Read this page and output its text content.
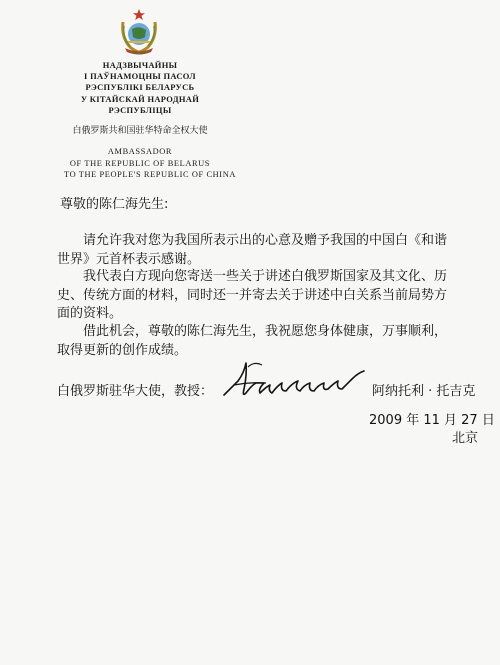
НАДЗВЫЧАЙНЫ
І ПАЎНАМОЦНЫ ПАСОЛ
РЭСПУБЛІКІ БЕЛАРУСЬ
У КІТАЙСКАЙ НАРОДНАЙ
РЭСПУБЛІЦЫ
白俄罗斯共和国驻华特命全权大使
AMBASSADOR
OF THE REPUBLIC OF BELARUS
TO THE PEOPLE'S REPUBLIC OF CHINA
尊敬的陈仁海先生:
请允许我对您为我国所表示出的心意及赠予我国的中国白《和谐世界》元首杯表示感谢。
我代表白方现向您寄送一些关于讲述白俄罗斯国家及其文化、历史、传统方面的材料，同时还一并寄去关于讲述中白关系当前局势方面的资料。
借此机会，尊敬的陈仁海先生，我祝愿您身体健康，万事顺利，取得更新的创作成绩。
白俄罗斯驻华大使，教授：	阿纳托利 · 托吉克
2009 年 11 月 27 日
北京
